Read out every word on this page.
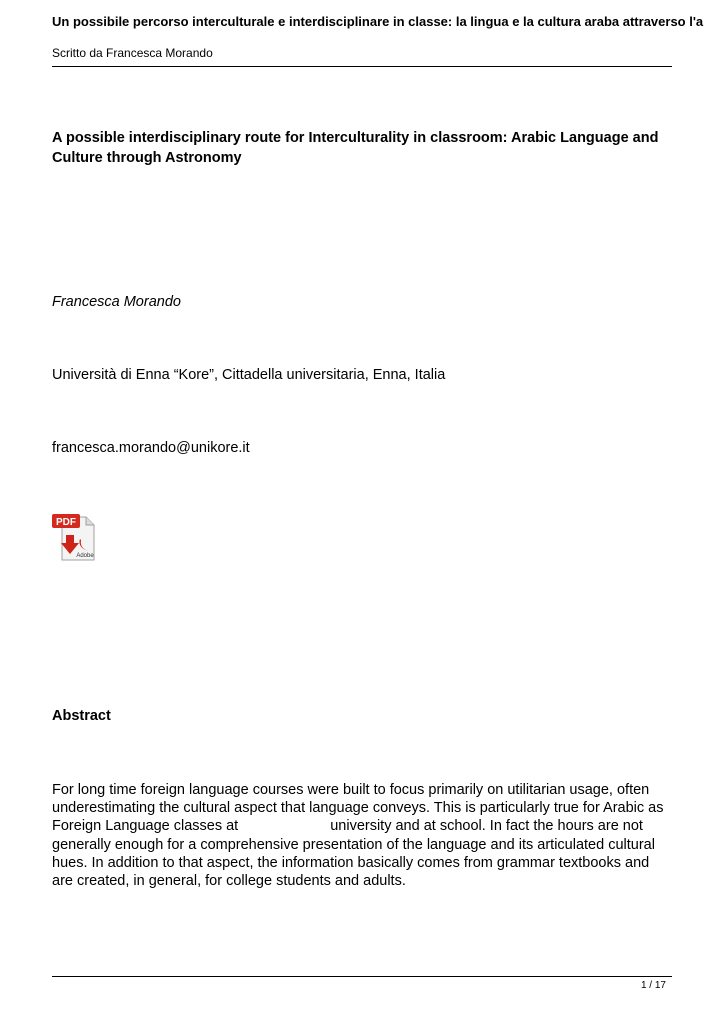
Un possibile percorso interculturale e interdisciplinare in classe: la lingua e la cultura araba attraverso l'a
Scritto da Francesca Morando
A possible interdisciplinary route for Interculturality in classroom: Arabic Language and Culture through Astronomy
Francesca Morando
Università di Enna “Kore”, Cittadella universitaria, Enna, Italia
francesca.morando@unikore.it
PDF
Adobe
Abstract
For long time foreign language courses were built to focus primarily on utilitarian usage, often
underestimating the cultural aspect that language conveys. This is particularly true for Arabic as
Foreign Language classes at	university and at school. In fact the hours are not
generally enough for a comprehensive presentation of the language and its articulated cultural
hues. In addition to that aspect, the information basically comes from grammar textbooks and
are created, in general, for college students and adults.
1 / 17
